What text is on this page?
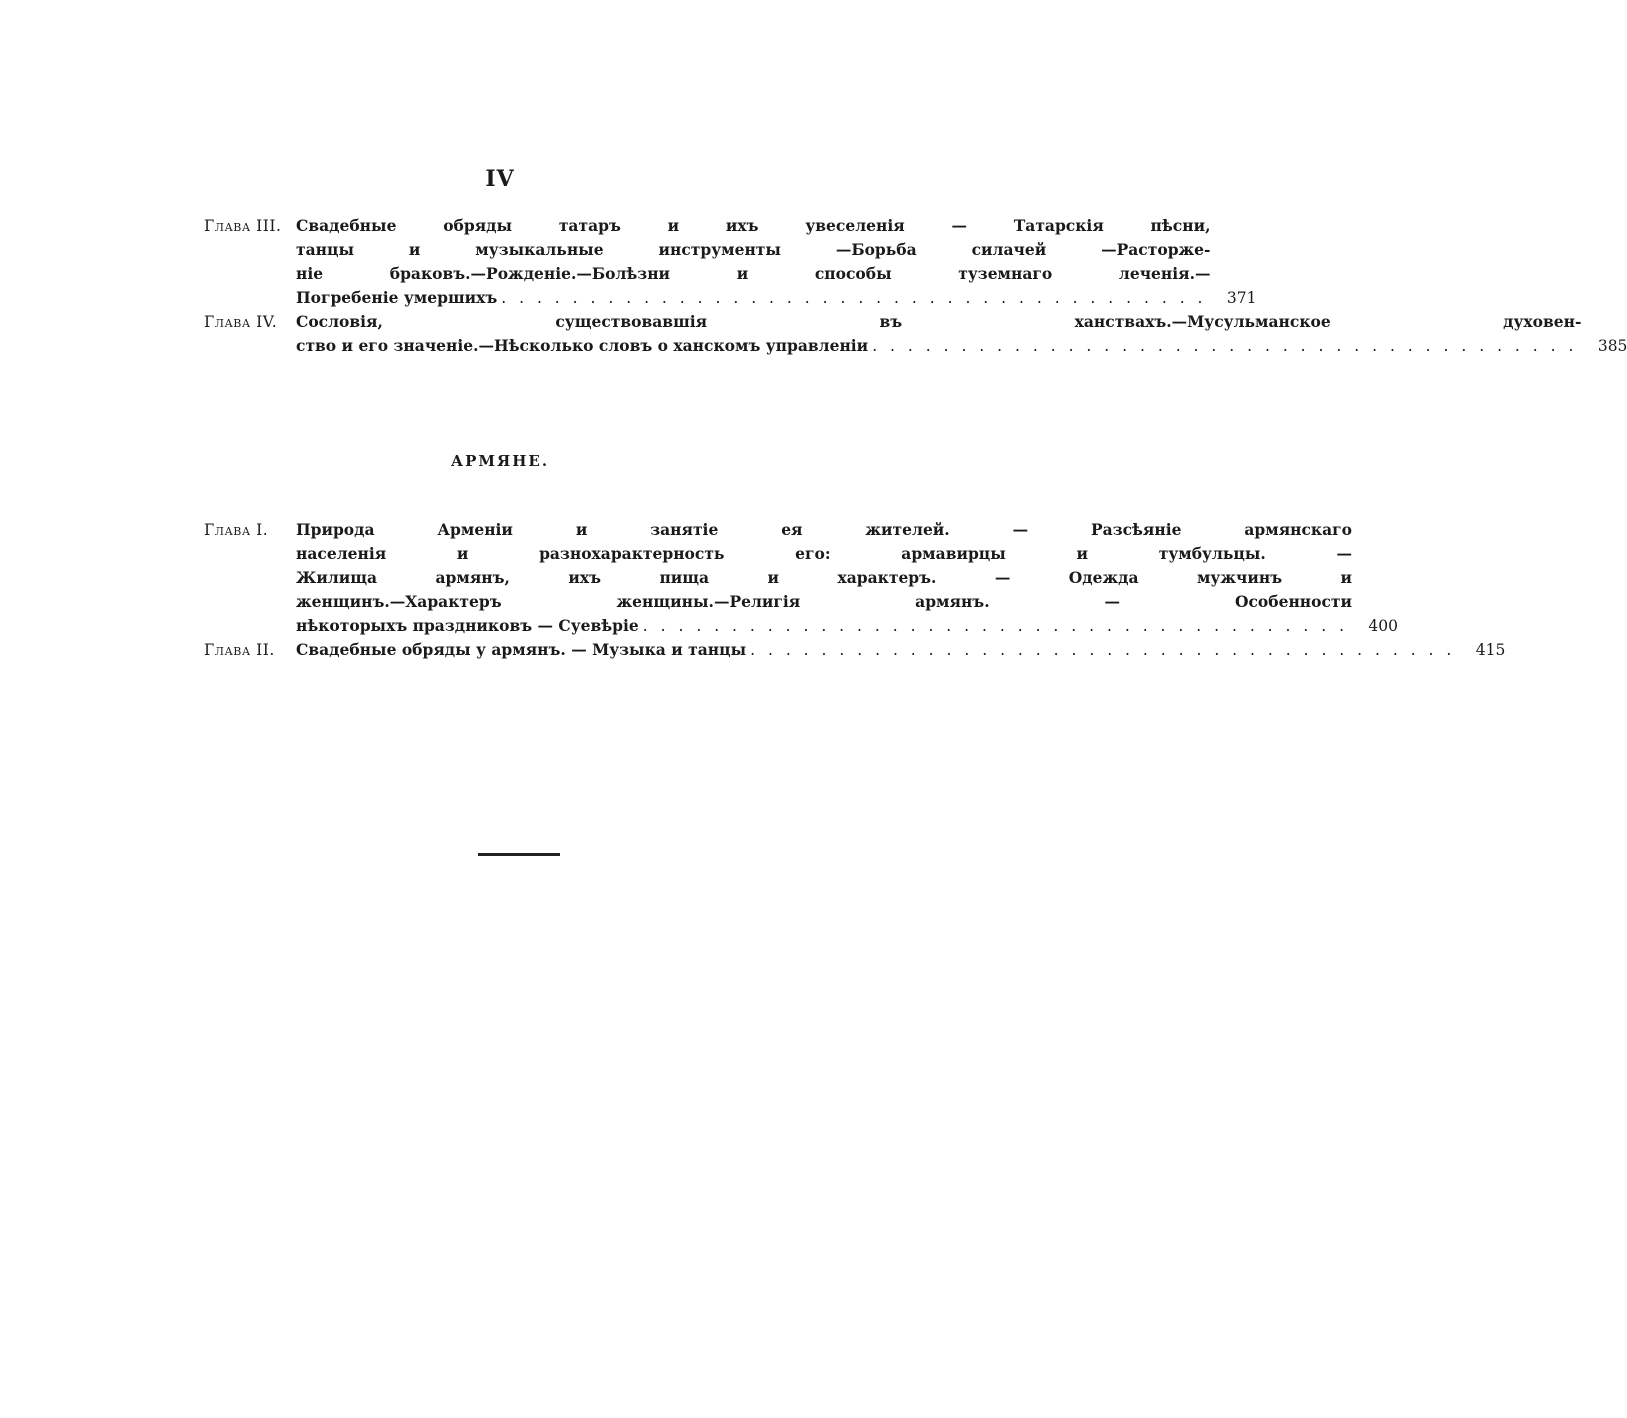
IV
Глава III. Свадебные обряды татаръ и ихъ увеселенія — Татарскія пѣсни,
танцы и музыкальные инструменты —Борьба силачей —Расторже-
ніе браковъ.—Рожденіе.—Болѣзни и способы туземнаго леченія.—
Погребеніе умершихъ . . . . . . . . . . . . . . . . . . . . . . . . . . . . . . . . . . . . . . . .	371
Глава IV.	Сословія, существовавшія въ ханствахъ.—Мусульманское духовен-
ство и его значеніе.—Нѣсколько словъ о ханскомъ управленіи . . . . . . . . . . . . . . . . . . . . . . . . . . . . . . . . . . . . . . . .	385
АРМЯНЕ.
Глава I.	Природа Арменіи и занятіе ея жителей. — Разсѣяніе армянскаго
населенія и разнохарактерность его: армавирцы и тумбульцы. —
Жилища армянъ, ихъ пища и характеръ. — Одежда мужчинъ и
женщинъ.—Характеръ женщины.—Религія армянъ. — Особенности
нѣкоторыхъ праздниковъ — Суевѣріе . . . . . . . . . . . . . . . . . . . . . . . . . . . . . . . . . . . . . . . .	400
Глава II.	Свадебные обряды у армянъ. — Музыка и танцы . . . . . . . . . . . . . . . . . . . . . . . . . . . . . . . . . . . . . . . .	415
